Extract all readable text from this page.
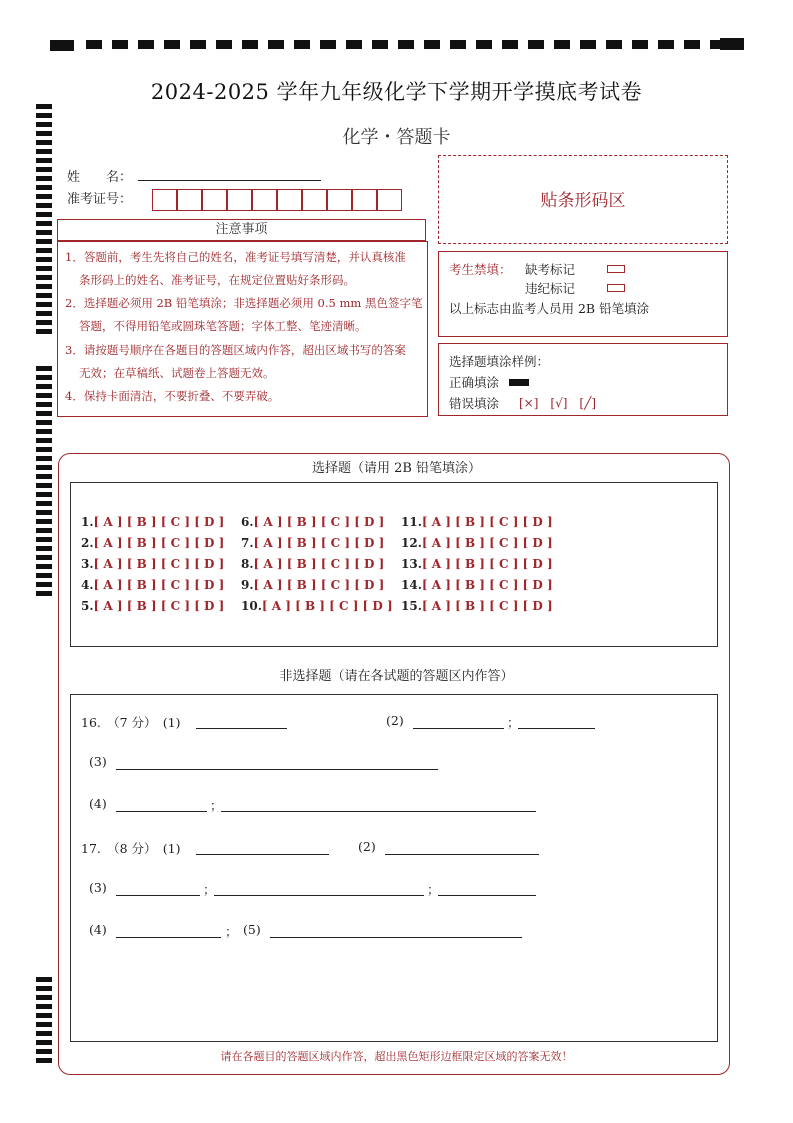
2024-2025 学年九年级化学下学期开学摸底考试卷
化学・答题卡
姓　　名：
准考证号：	贴条形码区
注意事项

1．答题前，考生先将自己的姓名，准考证号填写清楚，并认真核准

条形码上的姓名、准考证号，在规定位置贴好条形码。

2．选择题必须用 2B 铅笔填涂；非选择题必须用 0.5 mm 黑色签字笔

答题，不得用铅笔或圆珠笔答题；字体工整、笔迹清晰。

3．请按题号顺序在各题目的答题区域内作答，超出区域书写的答案

无效；在草稿纸、试题卷上答题无效。

4．保持卡面清洁，不要折叠、不要弄破。

考生禁填： 缺考标记
违纪标记
以上标志由监考人员用 2B 铅笔填涂
选择题填涂样例：
正确填涂
错误填涂 [×]　[√]　[╱]
选择题（请用 2B 铅笔填涂）
1.[ A ] [ B ] [ C ] [ D ]
2.[ A ] [ B ] [ C ] [ D ]
3.[ A ] [ B ] [ C ] [ D ]
4.[ A ] [ B ] [ C ] [ D ]
5.[ A ] [ B ] [ C ] [ D ]
6.[ A ] [ B ] [ C ] [ D ]
7.[ A ] [ B ] [ C ] [ D ]
8.[ A ] [ B ] [ C ] [ D ]
9.[ A ] [ B ] [ C ] [ D ]
10.[ A ] [ B ] [ C ] [ D ]
11.[ A ] [ B ] [ C ] [ D ]
12.[ A ] [ B ] [ C ] [ D ]
13.[ A ] [ B ] [ C ] [ D ]
14.[ A ] [ B ] [ C ] [ D ]
15.[ A ] [ B ] [ C ] [ D ]
非选择题（请在各试题的答题区内作答）
16.　（7 分）　(1)	(2)	；
(3)
(4)	；
17.　（8 分）　(1)	(2)
(3)	；	；
(4)	； (5)
请在各题目的答题区域内作答，超出黑色矩形边框限定区域的答案无效！
